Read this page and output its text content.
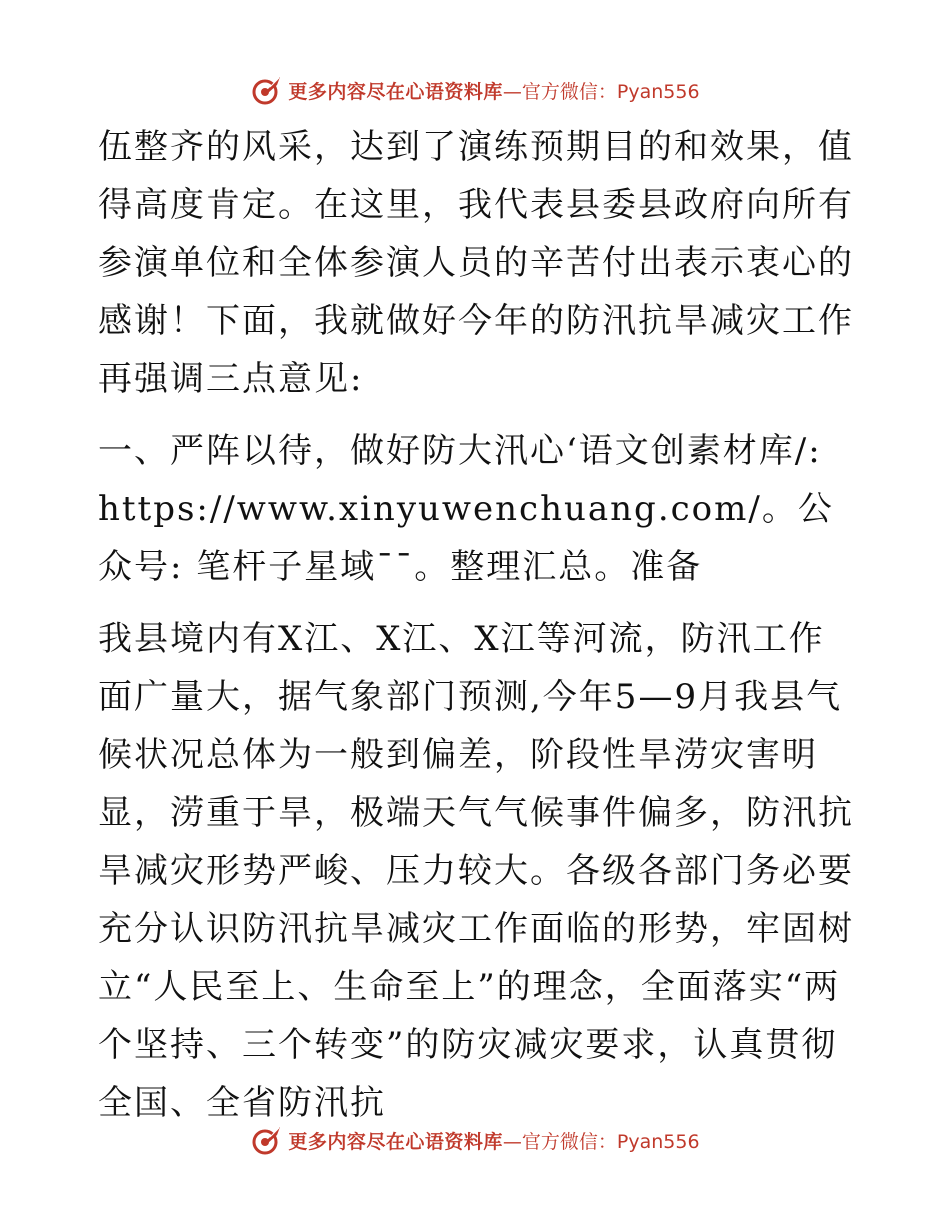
更多内容尽在心语资料库 —官方微信：Pyan556

伍整齐的风采，达到了演练预期目的和效果，值得高度肯定。在这里，我代表县委县政府向所有参演单位和全体参演人员的辛苦付出表示衷心的感谢！下面，我就做好今年的防汛抗旱减灾工作再强调三点意见:

一、严阵以待，做好防大汛心‘语文创素材库/: https://www.xinyuwenchuang.com/。公众号: 笔杆子星域¯¯。整理汇总。准备

我县境内有X江、X江、X江等河流，防汛工作面广量大，据气象部门预测,今年5—9月我县气候状况总体为一般到偏差，阶段性旱涝灾害明显，涝重于旱，极端天气气候事件偏多，防汛抗旱减灾形势严峻、压力较大。各级各部门务必要充分认识防汛抗旱减灾工作面临的形势，牢固树立“人民至上、生命至上”的理念，全面落实“两个坚持、三个转变”的防灾减灾要求，认真贯彻全国、全省防汛抗

更多内容尽在心语资料库 —官方微信：Pyan556
